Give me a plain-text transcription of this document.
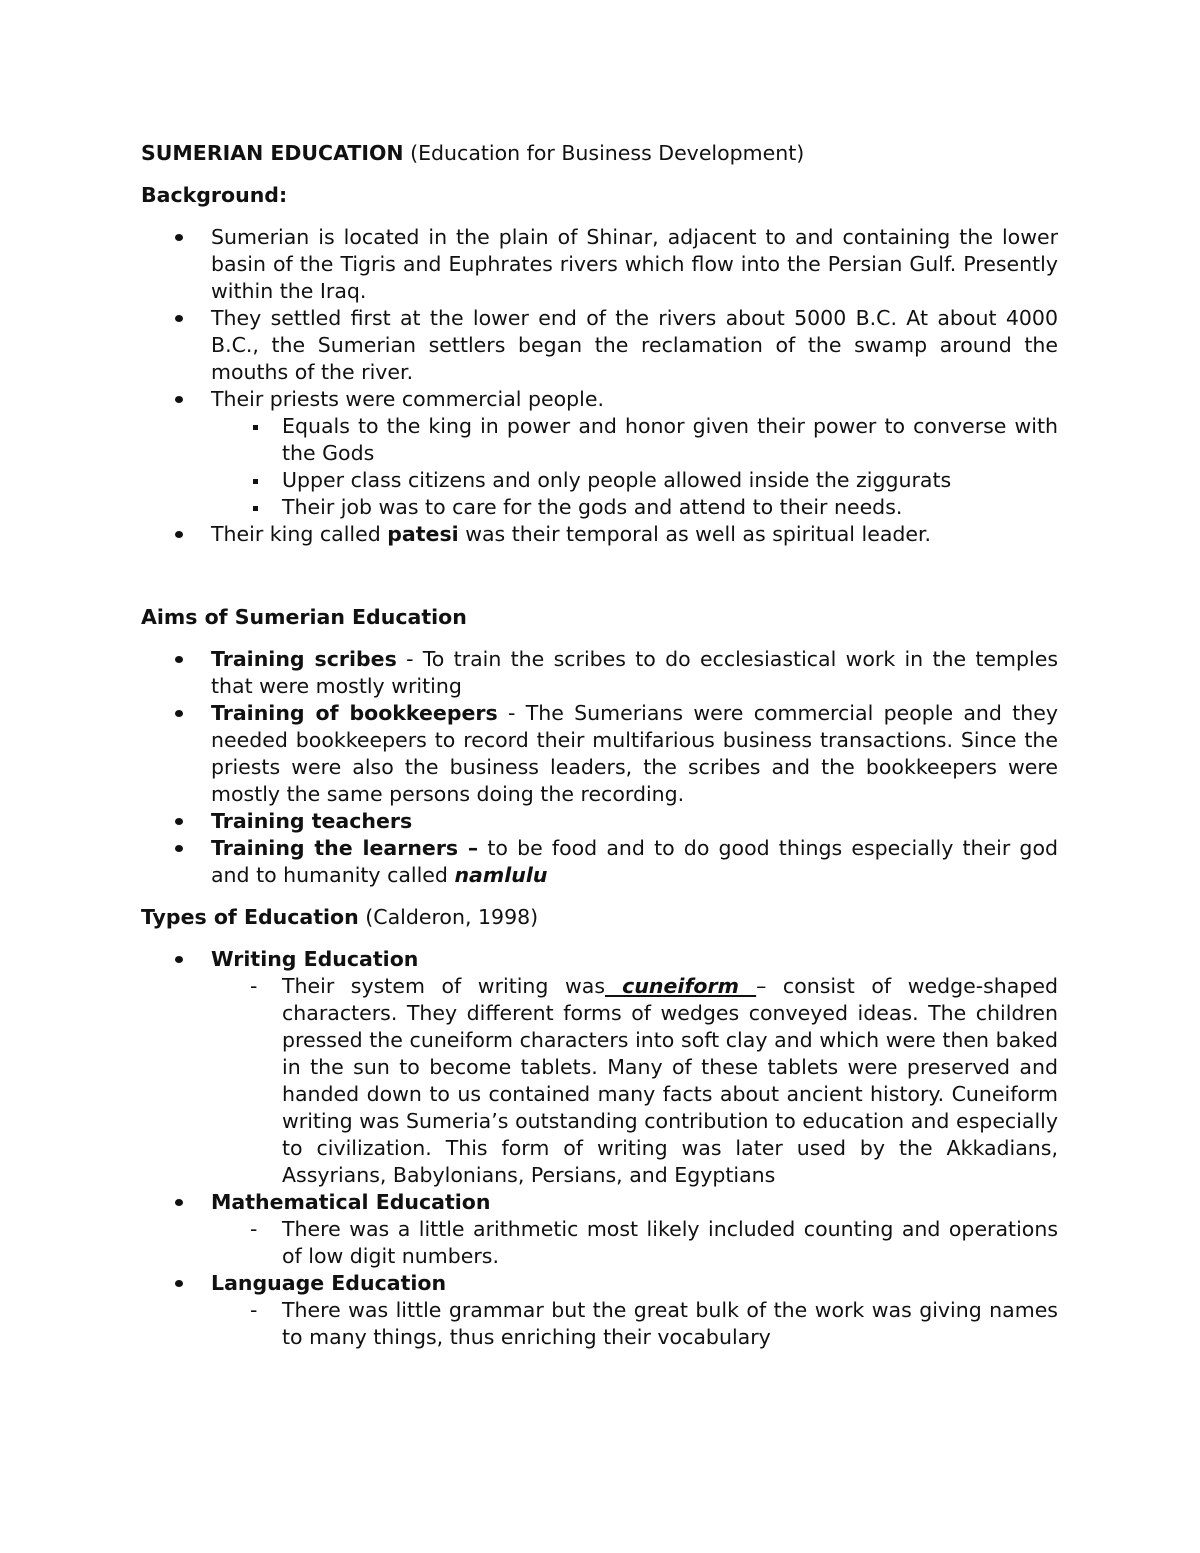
SUMERIAN EDUCATION (Education for Business Development)

Background:

Sumerian is located in the plain of Shinar, adjacent to and containing the lower basin of the Tigris and Euphrates rivers which flow into the Persian Gulf. Presently within the Iraq.
They settled first at the lower end of the rivers about 5000 B.C. At about 4000 B.C., the Sumerian settlers began the reclamation of the swamp around the mouths of the river.
Their priests were commercial people.
Equals to the king in power and honor given their power to converse with the Gods
Upper class citizens and only people allowed inside the ziggurats
Their job was to care for the gods and attend to their needs.
Their king called patesi was their temporal as well as spiritual leader.

Aims of Sumerian Education

Training scribes - To train the scribes to do ecclesiastical work in the temples that were mostly writing
Training of bookkeepers - The Sumerians were commercial people and they needed bookkeepers to record their multifarious business transactions. Since the priests were also the business leaders, the scribes and the bookkeepers were mostly the same persons doing the recording.
Training teachers
Training the learners – to be food and to do good things especially their god and to humanity called namlulu

Types of Education (Calderon, 1998)

Writing Education
- Their system of writing was cuneiform – consist of wedge-shaped characters. They different forms of wedges conveyed ideas. The children pressed the cuneiform characters into soft clay and which were then baked in the sun to become tablets. Many of these tablets were preserved and handed down to us contained many facts about ancient history. Cuneiform writing was Sumeria’s outstanding contribution to education and especially to civilization. This form of writing was later used by the Akkadians, Assyrians, Babylonians, Persians, and Egyptians
Mathematical Education
- There was a little arithmetic most likely included counting and operations of low digit numbers.
Language Education
- There was little grammar but the great bulk of the work was giving names to many things, thus enriching their vocabulary
